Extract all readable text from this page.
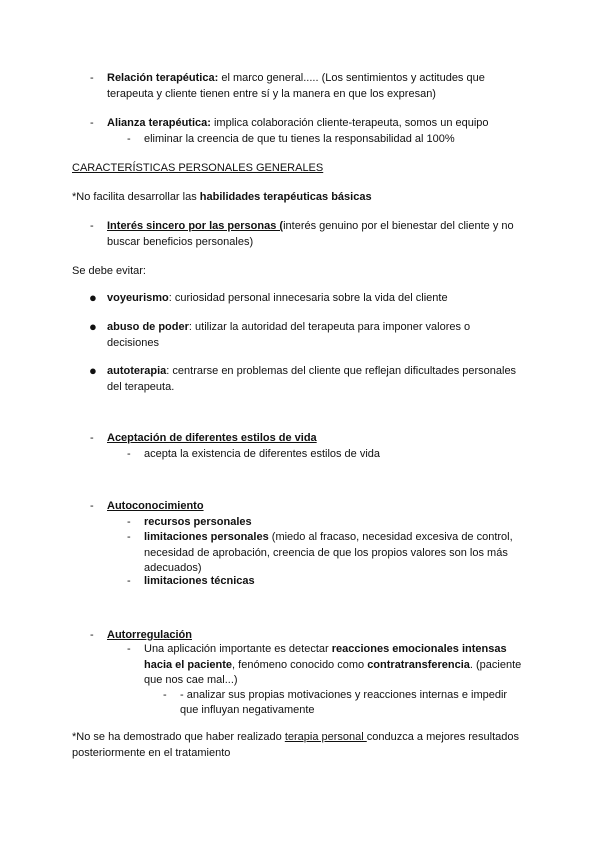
- Relación terapéutica: el marco general..... (Los sentimientos y actitudes que
terapeuta y cliente tienen entre sí y la manera en que los expresan)
- Alianza terapéutica: implica colaboración cliente-terapeuta, somos un equipo
- eliminar la creencia de que tu tienes la responsabilidad al 100%
CARACTERÍSTICAS PERSONALES GENERALES
*No facilita desarrollar las habilidades terapéuticas básicas
- Interés sincero por las personas (interés genuino por el bienestar del cliente y no
buscar beneficios personales)
Se debe evitar:
● voyeurismo: curiosidad personal innecesaria sobre la vida del cliente
● abuso de poder: utilizar la autoridad del terapeuta para imponer valores o
decisiones
● autoterapia: centrarse en problemas del cliente que reflejan dificultades personales
del terapeuta.
- Aceptación de diferentes estilos de vida
- acepta la existencia de diferentes estilos de vida
- Autoconocimiento
- recursos personales
- limitaciones personales (miedo al fracaso, necesidad excesiva de control,
necesidad de aprobación, creencia de que los propios valores son los más
adecuados)
- limitaciones técnicas
- Autorregulación
- Una aplicación importante es detectar reacciones emocionales intensas
hacia el paciente, fenómeno conocido como contratransferencia. (paciente
que nos cae mal...)
- - analizar sus propias motivaciones y reacciones internas e impedir
que influyan negativamente
*No se ha demostrado que haber realizado terapia personal conduzca a mejores resultados
posteriormente en el tratamiento
